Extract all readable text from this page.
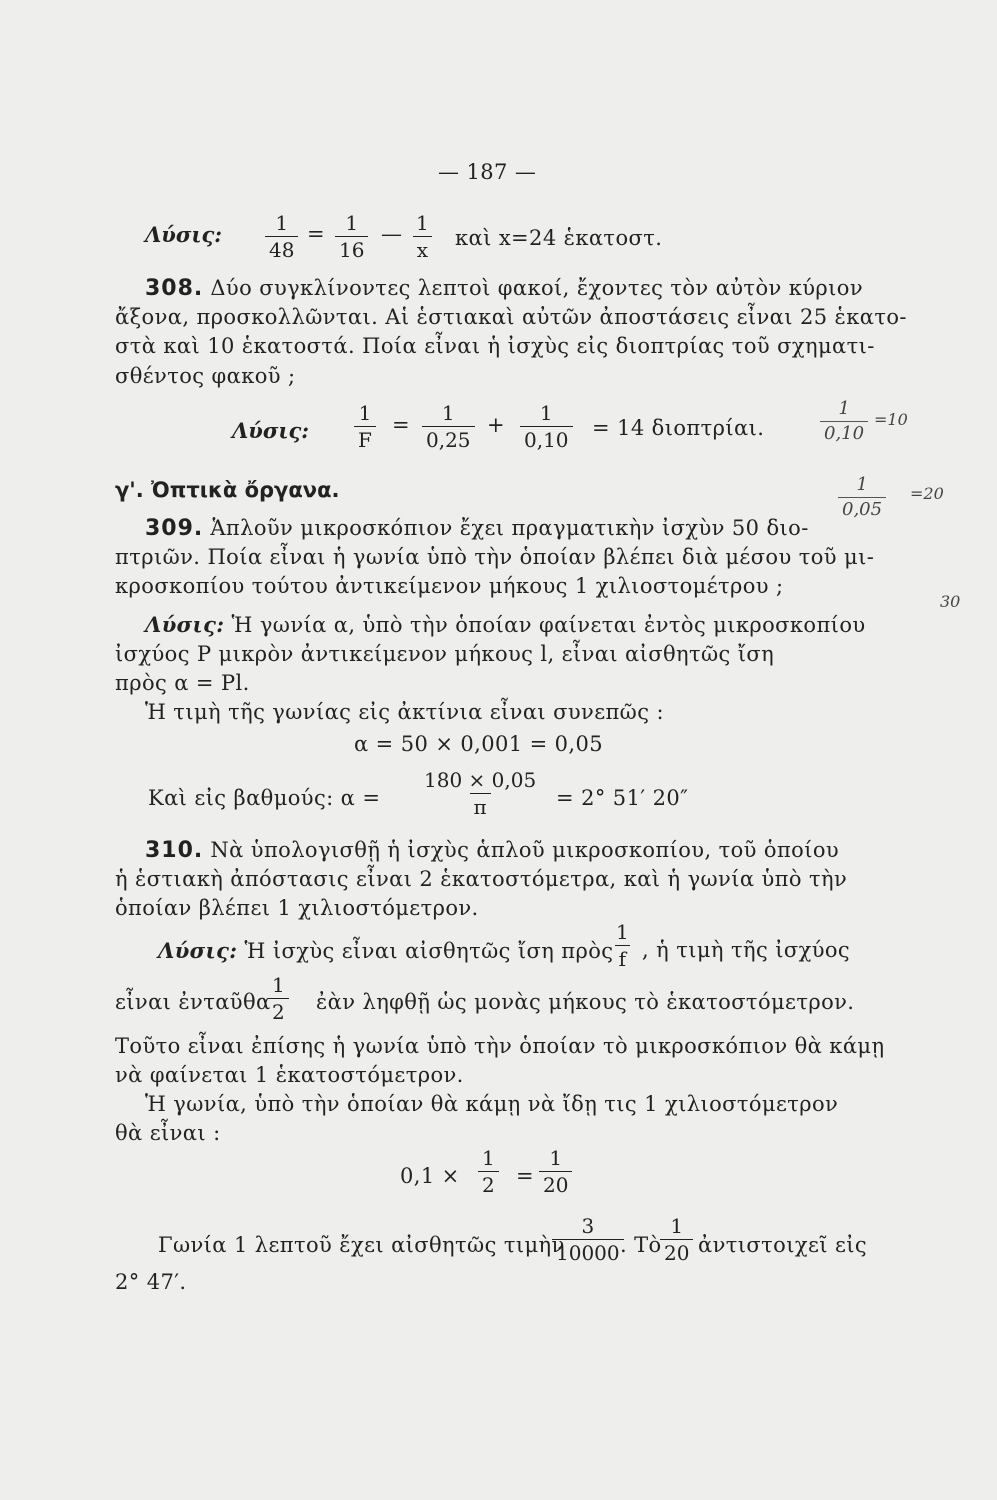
— 187 —
Λύσις: $\frac{1}{48} = \frac{1}{16}$ — $\frac{1}{x}$ καὶ x=24 ἑκατοστ.
308. Δύο συγκλίνοντες λεπτοὶ φακοί, ἔχοντες τὸν αὐτὸν κύριον
ἄξονα, προσκολλῶνται. Αἱ ἑστιακαὶ αὐτῶν ἀποστάσεις εἶναι 25 ἑκατο-
στὰ καὶ 10 ἑκατοστά. Ποία εἶναι ἡ ἰσχὺς εἰς διοπτρίας τοῦ σχηματι-
σθέντος φακοῦ ;
Λύσις: $\frac{1}{F} = \frac{1}{0,25} + \frac{1}{0,10} = 14$ διοπτρίαι.
γ'. Ὀπτικὰ ὄργανα.
309. Ἁπλοῦν μικροσκόπιον ἔχει πραγματικὴν ἰσχὺν 50 διο-
πτριῶν. Ποία εἶναι ἡ γωνία ὑπὸ τὴν ὁποίαν βλέπει διὰ μέσου τοῦ μι-
κροσκοπίου τούτου ἀντικείμενον μήκους 1 χιλιοστομέτρου ;
Λύσις: Ἡ γωνία α, ὑπὸ τὴν ὁποίαν φαίνεται ἐντὸς μικροσκοπίου
ἰσχύος P μικρὸν ἀντικείμενον μήκους l, εἶναι αἰσθητῶς ἴση
πρὸς α = Pl.
Ἡ τιμὴ τῆς γωνίας εἰς ἀκτίνια εἶναι συνεπῶς :
α = 50 × 0,001 = 0,05
Καὶ εἰς βαθμούς: $\alpha = \frac{180 \times 0,05}{\pi} = 2^\circ$ 51′ 20″
310. Νὰ ὑπολογισθῇ ἡ ἰσχὺς ἁπλοῦ μικροσκοπίου, τοῦ ὁποίου
ἡ ἑστιακὴ ἀπόστασις εἶναι 2 ἑκατοστόμετρα, καὶ ἡ γωνία ὑπὸ τὴν
ὁποίαν βλέπει 1 χιλιοστόμετρον.
Λύσις: Ἡ ἰσχὺς εἶναι αἰσθητῶς ἴση πρὸς
$\frac{1}{f}$ , ἡ τιμὴ τῆς ἰσχύος
εἶναι ἐνταῦθα
$\frac{1}{2}$ ἐὰν ληφθῇ ὡς μονὰς μήκους τὸ ἑκατοστόμετρον.
Τοῦτο εἶναι ἐπίσης ἡ γωνία ὑπὸ τὴν ὁποίαν τὸ μικροσκόπιον θὰ κάμῃ
νὰ φαίνεται 1 ἑκατοστόμετρον.
Ἡ γωνία, ὑπὸ τὴν ὁποίαν θὰ κάμῃ νὰ ἴδῃ τις 1 χιλιοστόμετρον
θὰ εἶναι :
$0,1 \times \frac{1}{2} = \frac{1}{20}$
Γωνία 1 λεπτοῦ ἔχει αἰσθητῶς τιμὴν
$\frac{3}{10000}$
. Τὸ
$\frac{1}{20}$ ἀντιστοιχεῖ εἰς
2° 47′.
$\frac{1}{0,10} =10$
$\frac{1}{0,05} =20$
30
